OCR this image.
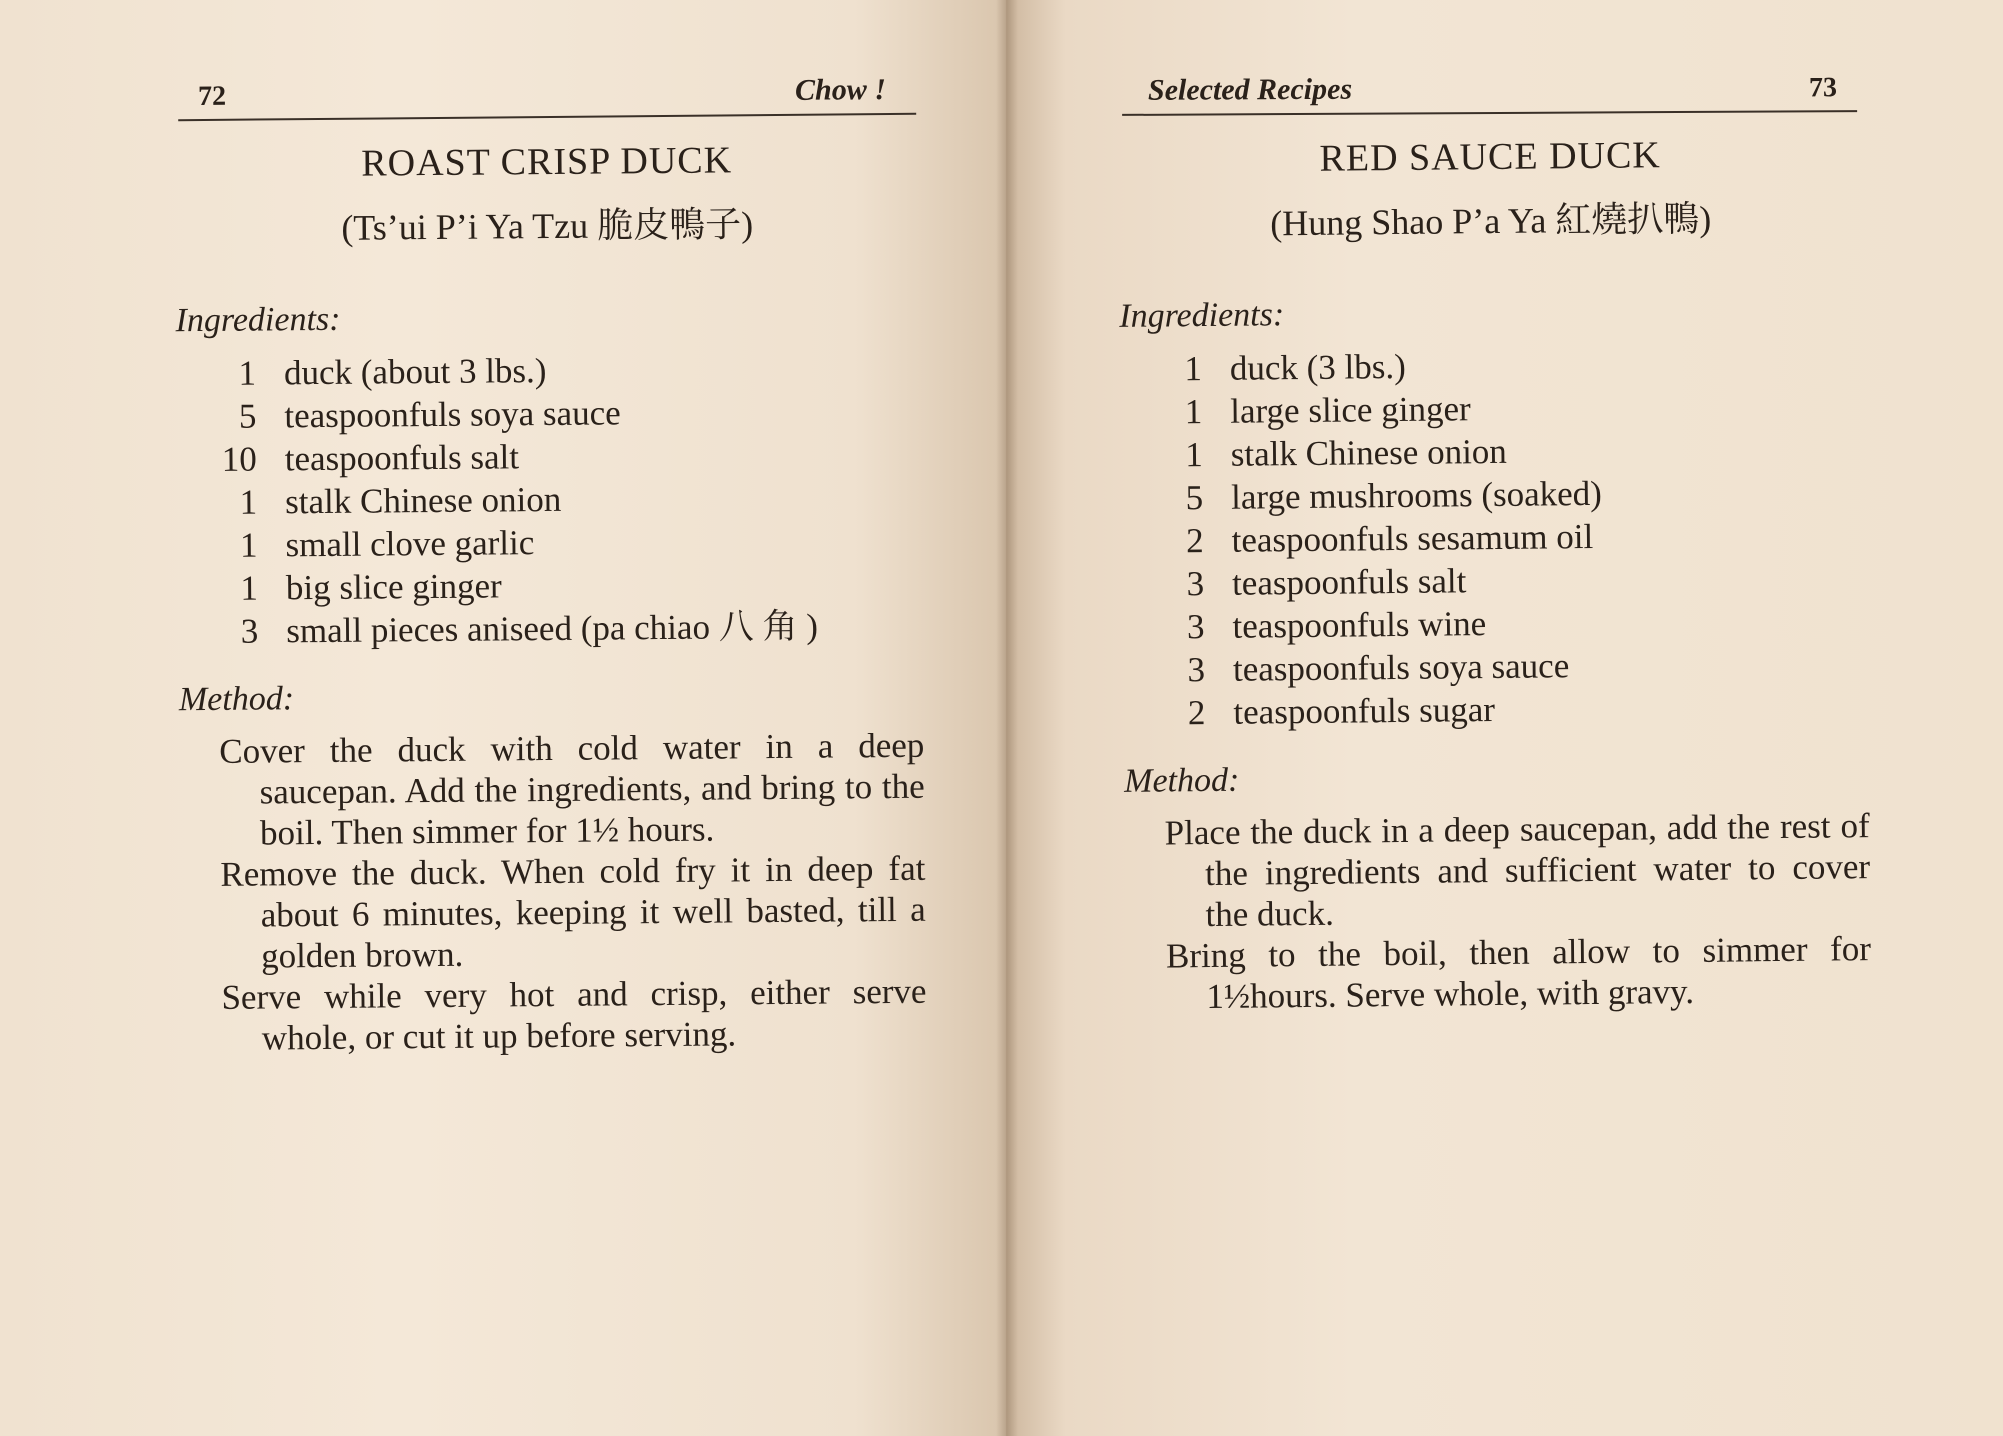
72	Chow !
ROAST CRISP DUCK
(Ts’ui P’i Ya Tzu 脆皮鴨子)
Ingredients:
1 duck (about 3 lbs.)
5 teaspoonfuls soya sauce
10 teaspoonfuls salt
1 stalk Chinese onion
1 small clove garlic
1 big slice ginger
3 small pieces aniseed (pa chiao 八 角 )
Method:

Cover the duck with cold water in a deep saucepan. Add the ingredients, and bring to the boil. Then simmer for 1½ hours.

Remove the duck. When cold fry it in deep fat about 6 minutes, keeping it well basted, till a golden brown.

Serve while very hot and crisp, either serve whole, or cut it up before serving.

Selected Recipes	73
RED SAUCE DUCK
(Hung Shao P’a Ya 紅燒扒鴨)
Ingredients:
1 duck (3 lbs.)
1 large slice ginger
1 stalk Chinese onion
5 large mushrooms (soaked)
2 teaspoonfuls sesamum oil
3 teaspoonfuls salt
3 teaspoonfuls wine
3 teaspoonfuls soya sauce
2 teaspoonfuls sugar
Method:

Place the duck in a deep saucepan, add the rest of the ingredients and sufficient water to cover the duck.

Bring to the boil, then allow to simmer for 1½hours. Serve whole, with gravy.
